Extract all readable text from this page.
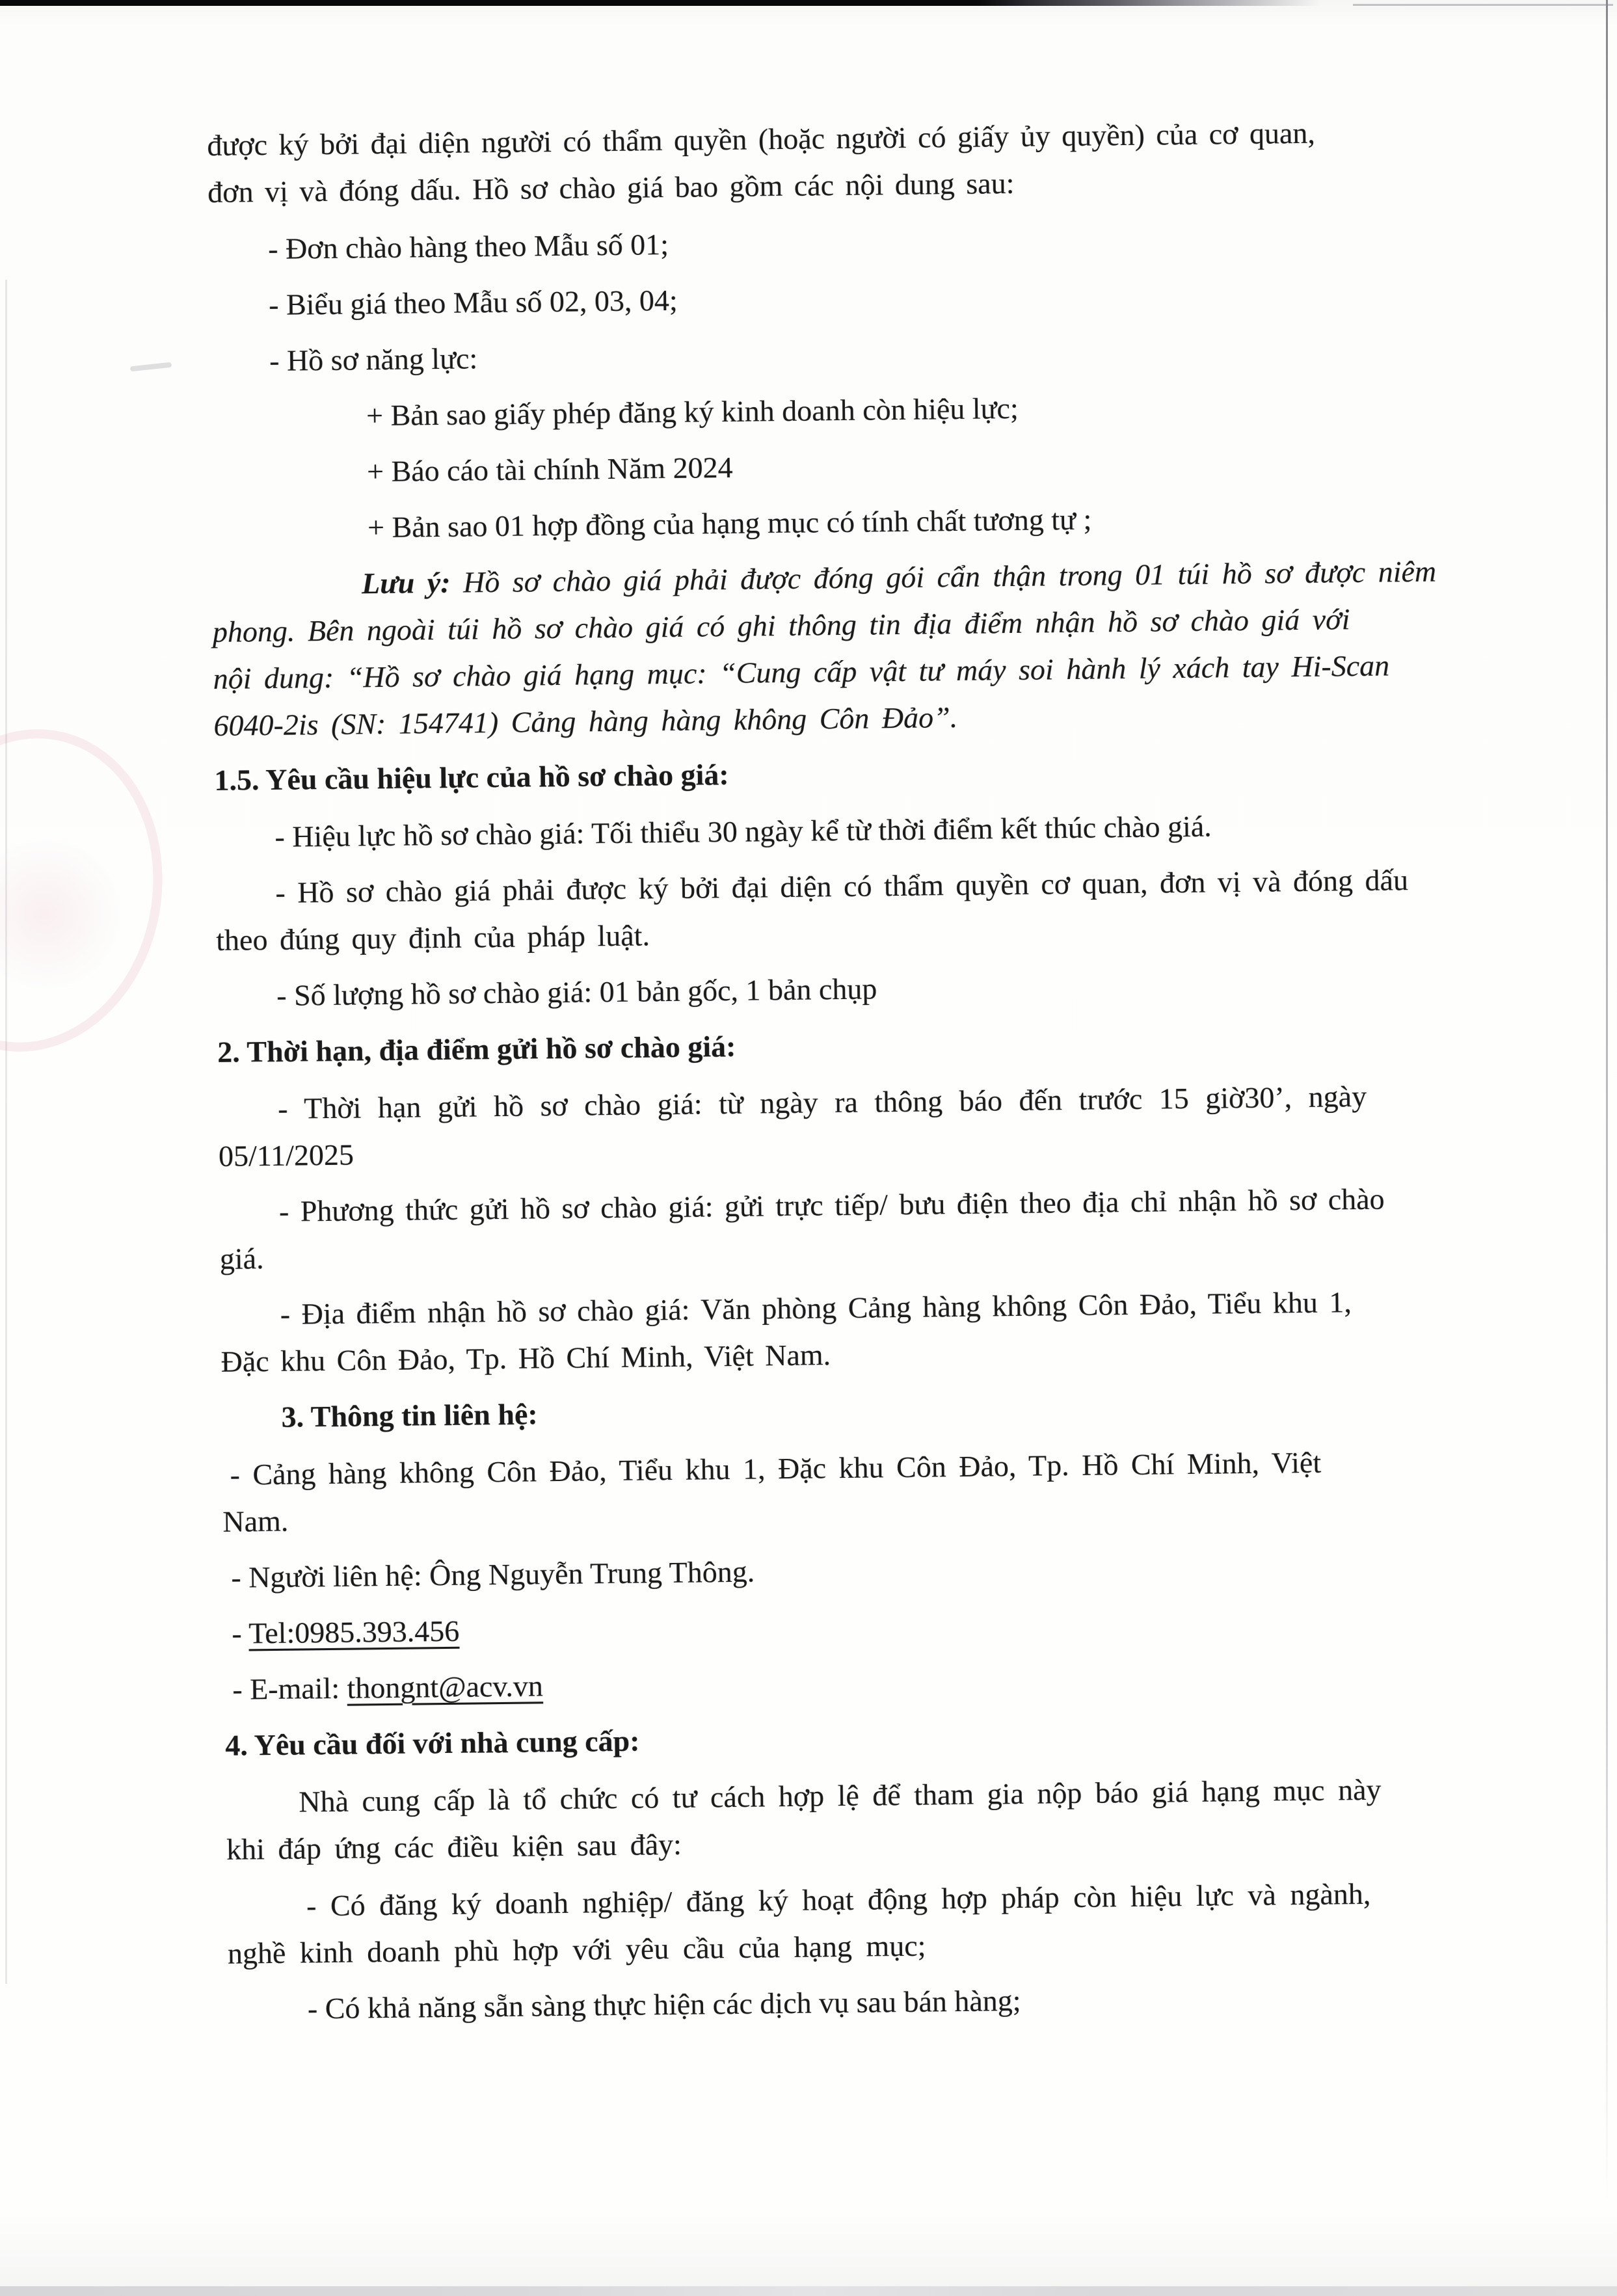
được ký bởi đại diện người có thẩm quyền (hoặc người có giấy ủy quyền) của cơ quan,
đơn vị và đóng dấu. Hồ sơ chào giá bao gồm các nội dung sau:

- Đơn chào hàng theo Mẫu số 01;

- Biểu giá theo Mẫu số 02, 03, 04;

- Hồ sơ năng lực:

+ Bản sao giấy phép đăng ký kinh doanh còn hiệu lực;

+ Báo cáo tài chính Năm 2024

+ Bản sao 01 hợp đồng của hạng mục có tính chất tương tự ;

Lưu ý: Hồ sơ chào giá phải được đóng gói cẩn thận trong 01 túi hồ sơ được niêm
phong. Bên ngoài túi hồ sơ chào giá có ghi thông tin địa điểm nhận hồ sơ chào giá với
nội dung: “Hồ sơ chào giá hạng mục: “Cung cấp vật tư máy soi hành lý xách tay Hi-Scan
6040-2is (SN: 154741) Cảng hàng hàng không Côn Đảo”.

1.5. Yêu cầu hiệu lực của hồ sơ chào giá:

- Hiệu lực hồ sơ chào giá: Tối thiểu 30 ngày kể từ thời điểm kết thúc chào giá.

- Hồ sơ chào giá phải được ký bởi đại diện có thẩm quyền cơ quan, đơn vị và đóng dấu
theo đúng quy định của pháp luật.

- Số lượng hồ sơ chào giá: 01 bản gốc, 1 bản chụp

2. Thời hạn, địa điểm gửi hồ sơ chào giá:

- Thời hạn gửi hồ sơ chào giá: từ ngày ra thông báo đến trước 15 giờ30’, ngày
05/11/2025

- Phương thức gửi hồ sơ chào giá: gửi trực tiếp/ bưu điện theo địa chỉ nhận hồ sơ chào
giá.

- Địa điểm nhận hồ sơ chào giá: Văn phòng Cảng hàng không Côn Đảo, Tiểu khu 1,
Đặc khu Côn Đảo, Tp. Hồ Chí Minh, Việt Nam.

3. Thông tin liên hệ:

- Cảng hàng không Côn Đảo, Tiểu khu 1, Đặc khu Côn Đảo, Tp. Hồ Chí Minh, Việt
Nam.

- Người liên hệ: Ông Nguyễn Trung Thông.

- Tel:0985.393.456

- E-mail: thongnt@acv.vn

4. Yêu cầu đối với nhà cung cấp:

Nhà cung cấp là tổ chức có tư cách hợp lệ để tham gia nộp báo giá hạng mục này
khi đáp ứng các điều kiện sau đây:

- Có đăng ký doanh nghiệp/ đăng ký hoạt động hợp pháp còn hiệu lực và ngành,
nghề kinh doanh phù hợp với yêu cầu của hạng mục;

- Có khả năng sẵn sàng thực hiện các dịch vụ sau bán hàng;
